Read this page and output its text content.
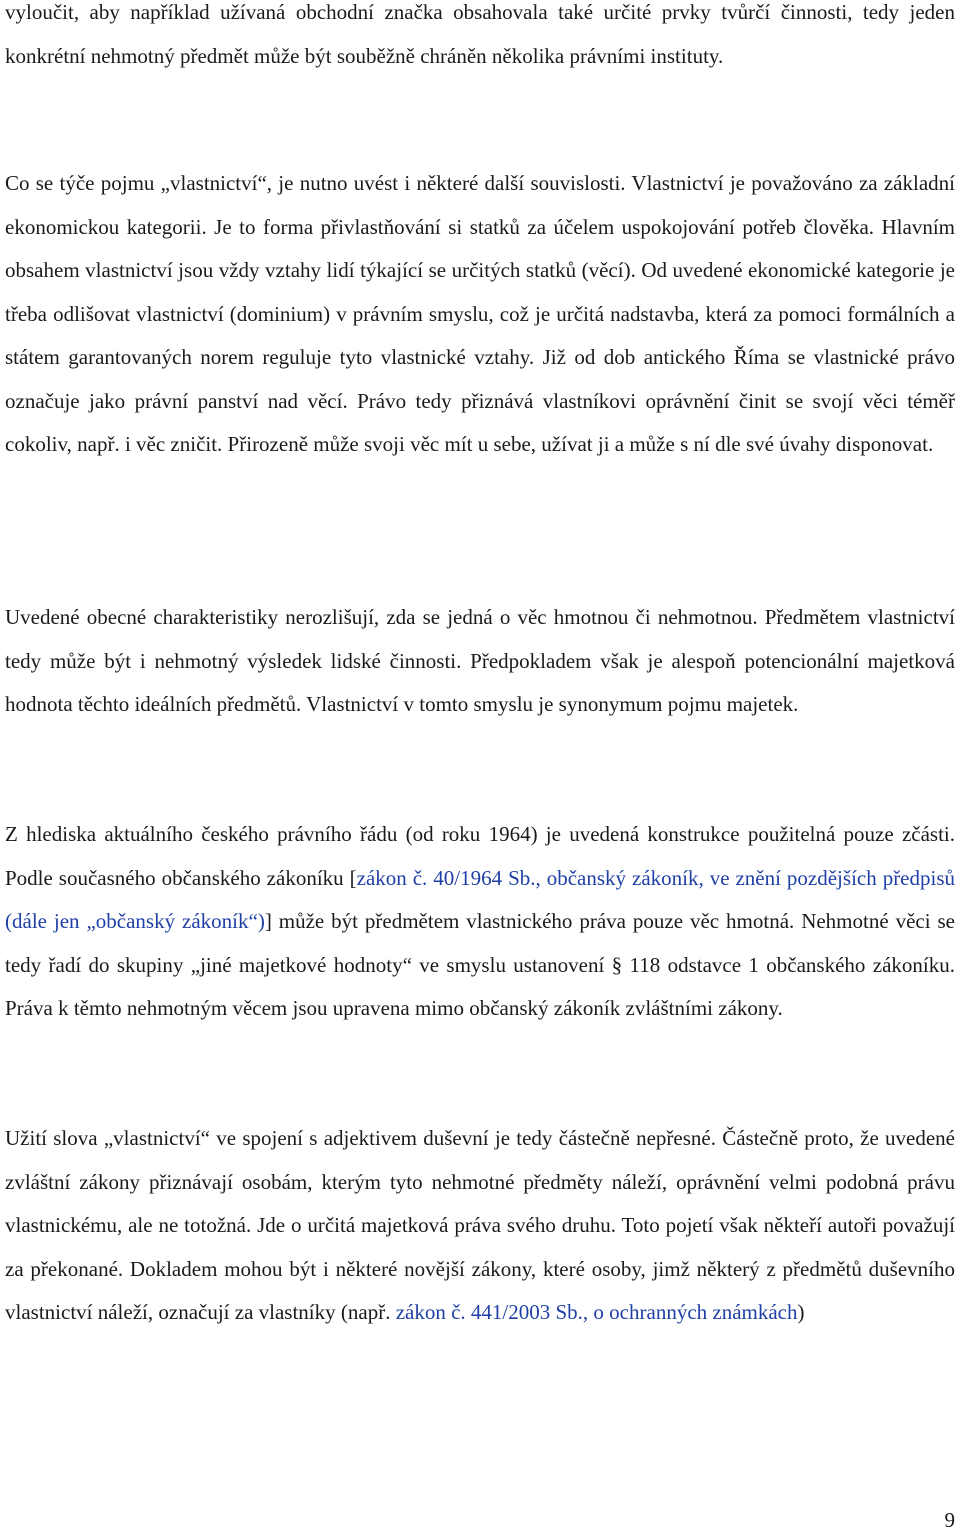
vyloučit, aby například užívaná obchodní značka obsahovala také určité prvky tvůrčí činnosti, tedy jeden konkrétní nehmotný předmět může být souběžně chráněn několika právními instituty.

Co se týče pojmu „vlastnictví“, je nutno uvést i některé další souvislosti. Vlastnictví je považováno za základní ekonomickou kategorii. Je to forma přivlastňování si statků za účelem uspokojování potřeb člověka. Hlavním obsahem vlastnictví jsou vždy vztahy lidí týkající se určitých statků (věcí). Od uvedené ekonomické kategorie je třeba odlišovat vlastnictví (dominium) v právním smyslu, což je určitá nadstavba, která za pomoci formálních a státem garantovaných norem reguluje tyto vlastnické vztahy. Již od dob antického Říma se vlastnické právo označuje jako právní panství nad věcí. Právo tedy přiznává vlastníkovi oprávnění činit se svojí věci téměř cokoliv, např. i věc zničit. Přirozeně může svoji věc mít u sebe, užívat ji a může s ní dle své úvahy disponovat.

Uvedené obecné charakteristiky nerozlišují, zda se jedná o věc hmotnou či nehmotnou. Předmětem vlastnictví tedy může být i nehmotný výsledek lidské činnosti. Předpokladem však je alespoň potencionální majetková hodnota těchto ideálních předmětů. Vlastnictví v tomto smyslu je synonymum pojmu majetek.

Z hlediska aktuálního českého právního řádu (od roku 1964) je uvedená konstrukce použitelná pouze zčásti. Podle současného občanského zákoníku [zákon č. 40/1964 Sb., občanský zákoník, ve znění pozdějších předpisů (dále jen „občanský zákoník“)] může být předmětem vlastnického práva pouze věc hmotná. Nehmotné věci se tedy řadí do skupiny „jiné majetkové hodnoty“ ve smyslu ustanovení § 118 odstavce 1 občanského zákoníku. Práva k těmto nehmotným věcem jsou upravena mimo občanský zákoník zvláštními zákony.

Užití slova „vlastnictví“ ve spojení s adjektivem duševní je tedy částečně nepřesné. Částečně proto, že uvedené zvláštní zákony přiznávají osobám, kterým tyto nehmotné předměty náleží, oprávnění velmi podobná právu vlastnickému, ale ne totožná. Jde o určitá majetková práva svého druhu. Toto pojetí však někteří autoři považují za překonané. Dokladem mohou být i některé novější zákony, které osoby, jimž některý z předmětů duševního vlastnictví náleží, označují za vlastníky (např. zákon č. 441/2003 Sb., o ochranných známkách)

9
